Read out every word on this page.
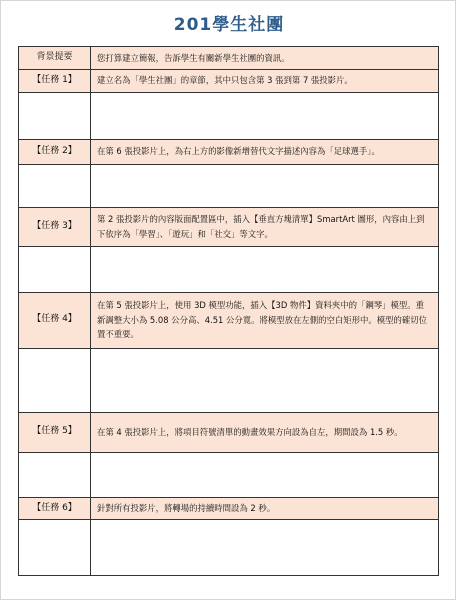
201學生社團
背景提要	您打算建立簡報，告訴學生有關新學生社團的資訊。
【任務 1】	建立名為「學生社團」的章節，其中只包含第 3 張到第 7 張投影片。

【任務 2】	在第 6 張投影片上，為右上方的影像新增替代文字描述內容為「足球選手」。

【任務 3】	第 2 張投影片的內容版面配置區中，插入【垂直方塊清單】SmartArt 圖形，內容由上到下依序為「學習」、「遊玩」和「社交」等文字。

【任務 4】	在第 5 張投影片上，使用 3D 模型功能，插入【3D 物件】資料夾中的「鋼琴」模型。重新調整大小為 5.08 公分高、4.51 公分寬。將模型放在左側的空白矩形中。模型的確切位置不重要。

【任務 5】	在第 4 張投影片上，將項目符號清單的動畫效果方向設為自左，期間設為 1.5 秒。

【任務 6】	針對所有投影片，將轉場的持續時間設為 2 秒。
